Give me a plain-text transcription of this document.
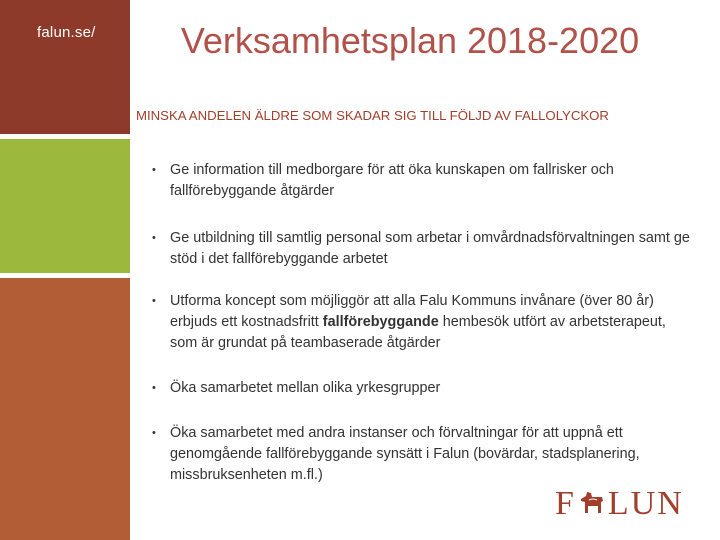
falun.se/	Verksamhetsplan 2018-2020

MINSKA ANDELEN ÄLDRE SOM SKADAR SIG TILL FÖLJD AV FALLOLYCKOR

• Ge information till medborgare för att öka kunskapen om fallrisker och fallförebyggande åtgärder
• Ge utbildning till samtlig personal som arbetar i omvårdnadsförvaltningen samt ge stöd i det fallförebyggande arbetet
• Utforma koncept som möjliggör att alla Falu Kommuns invånare (över 80 år) erbjuds ett kostnadsfritt fallförebyggande hembesök utfört av arbetsterapeut, som är grundat på teambaserade åtgärder
• Öka samarbetet mellan olika yrkesgrupper
• Öka samarbetet med andra instanser och förvaltningar för att uppnå ett genomgående fallförebyggande synsätt i Falun (bovärdar, stadsplanering, missbruksenheten m.fl.)
F LUN
